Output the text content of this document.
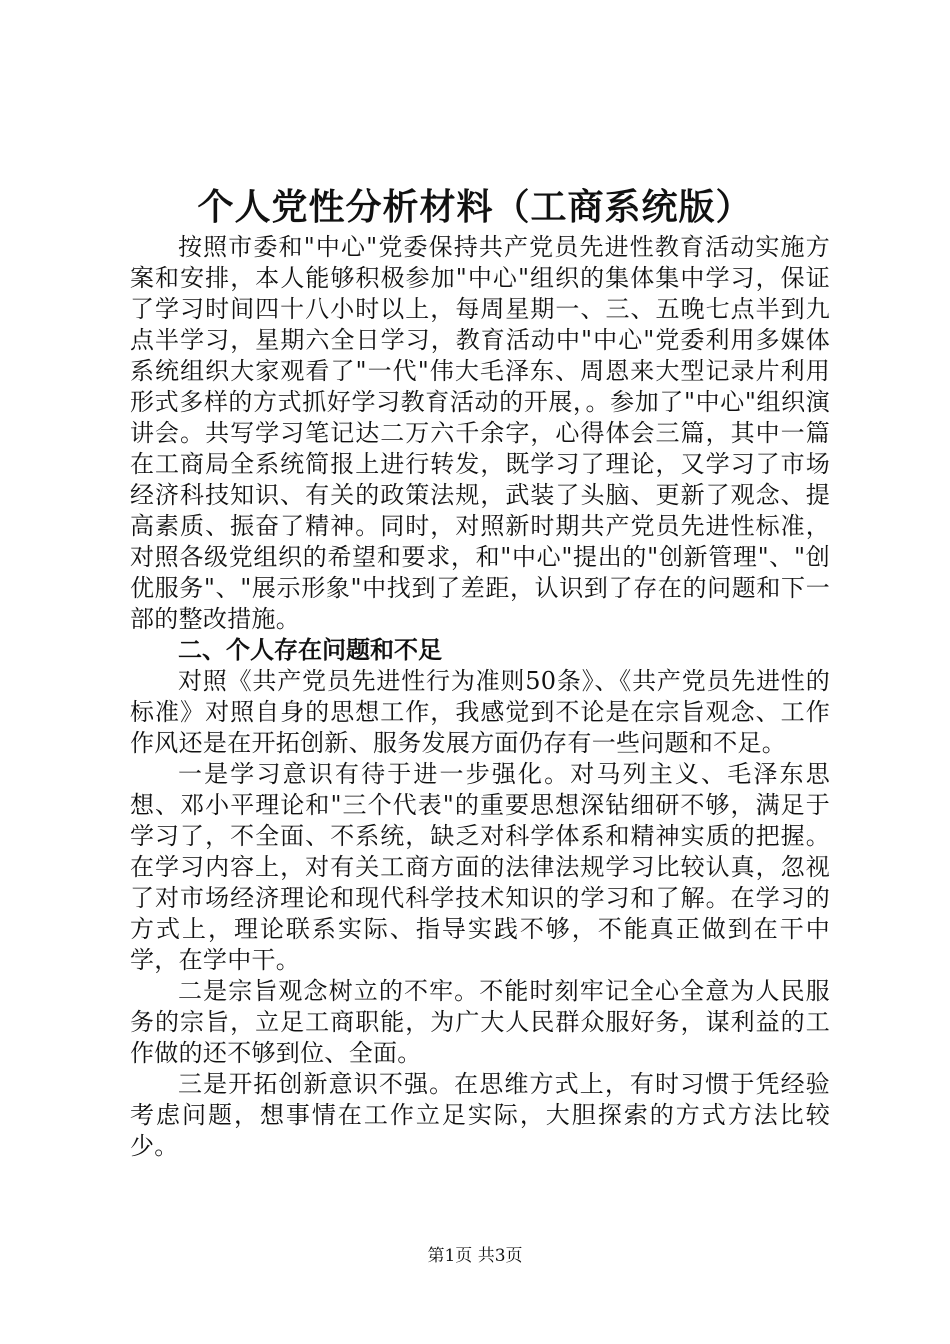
个人党性分析材料（工商系统版）

按照市委和"中心"党委保持共产党员先进性教育活动实施方案和安排，本人能够积极参加"中心"组织的集体集中学习，保证了学习时间四十八小时以上，每周星期一、三、五晚七点半到九点半学习，星期六全日学习，教育活动中"中心"党委利用多媒体系统组织大家观看了"一代"伟大毛泽东、周恩来大型记录片利用形式多样的方式抓好学习教育活动的开展，。参加了"中心"组织演讲会。共写学习笔记达二万六千余字，心得体会三篇，其中一篇在工商局全系统简报上进行转发，既学习了理论，又学习了市场经济科技知识、有关的政策法规，武装了头脑、更新了观念、提高素质、振奋了精神。同时，对照新时期共产党员先进性标准，对照各级党组织的希望和要求，和"中心"提出的"创新管理"、"创优服务"、"展示形象"中找到了差距，认识到了存在的问题和下一部的整改措施。

二、个人存在问题和不足

对照《共产党员先进性行为准则50条》、《共产党员先进性的标准》对照自身的思想工作，我感觉到不论是在宗旨观念、工作作风还是在开拓创新、服务发展方面仍存有一些问题和不足。

一是学习意识有待于进一步强化。对马列主义、毛泽东思想、邓小平理论和"三个代表"的重要思想深钻细研不够，满足于学习了，不全面、不系统，缺乏对科学体系和精神实质的把握。在学习内容上，对有关工商方面的法律法规学习比较认真，忽视了对市场经济理论和现代科学技术知识的学习和了解。在学习的方式上，理论联系实际、指导实践不够，不能真正做到在干中学，在学中干。

二是宗旨观念树立的不牢。不能时刻牢记全心全意为人民服务的宗旨，立足工商职能，为广大人民群众服好务，谋利益的工作做的还不够到位、全面。

三是开拓创新意识不强。在思维方式上，有时习惯于凭经验考虑问题，想事情在工作立足实际，大胆探索的方式方法比较少。

第1页 共3页
